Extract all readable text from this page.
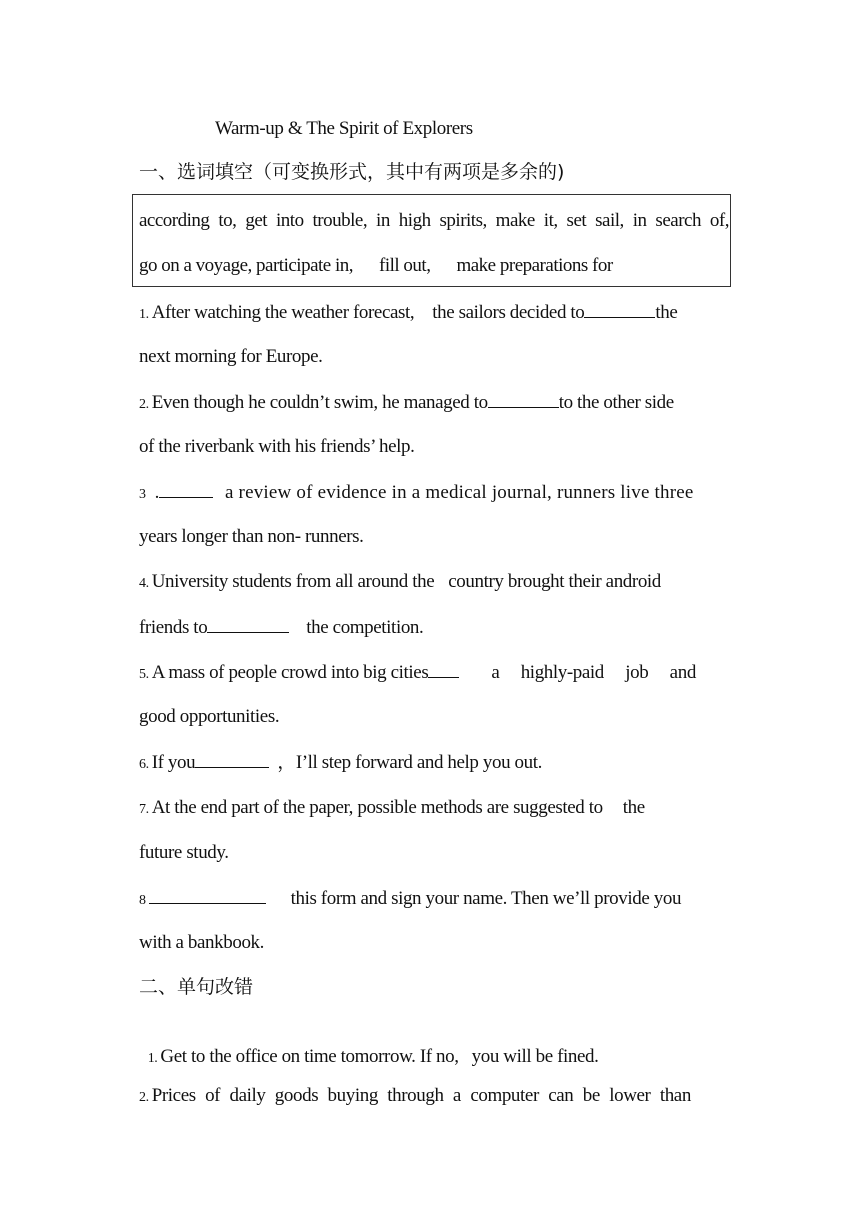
Warm-up & The Spirit of Explorers
一、选词填空（可变换形式，其中有两项是多余的)
according to, get into trouble, in high spirits, make it, set sail, in search of,
go on a voyage, participate in, fill out, make preparations for
1. After watching the weather forecast, the sailors decided to	the
next morning for Europe.
2. Even though he couldn’t swim, he managed to	to the other side
of the riverbank with his friends’ help.
3 .	a review of evidence in a medical journal, runners live three
years longer than non- runners.
4. University students from all around the country brought their android
friends to	the competition.
5. A mass of people crowd into big cities	a highly-paid job and
good opportunities.
6. If you	，I’ll step forward and help you out.
7. At the end part of the paper, possible methods are suggested to the
future study.
8	this form and sign your name. Then we’ll provide you
with a bankbook.
二、单句改错

1. Get to the office on time tomorrow. If no,   you will be fined.

2. Prices of daily goods buying through a computer can be lower than
